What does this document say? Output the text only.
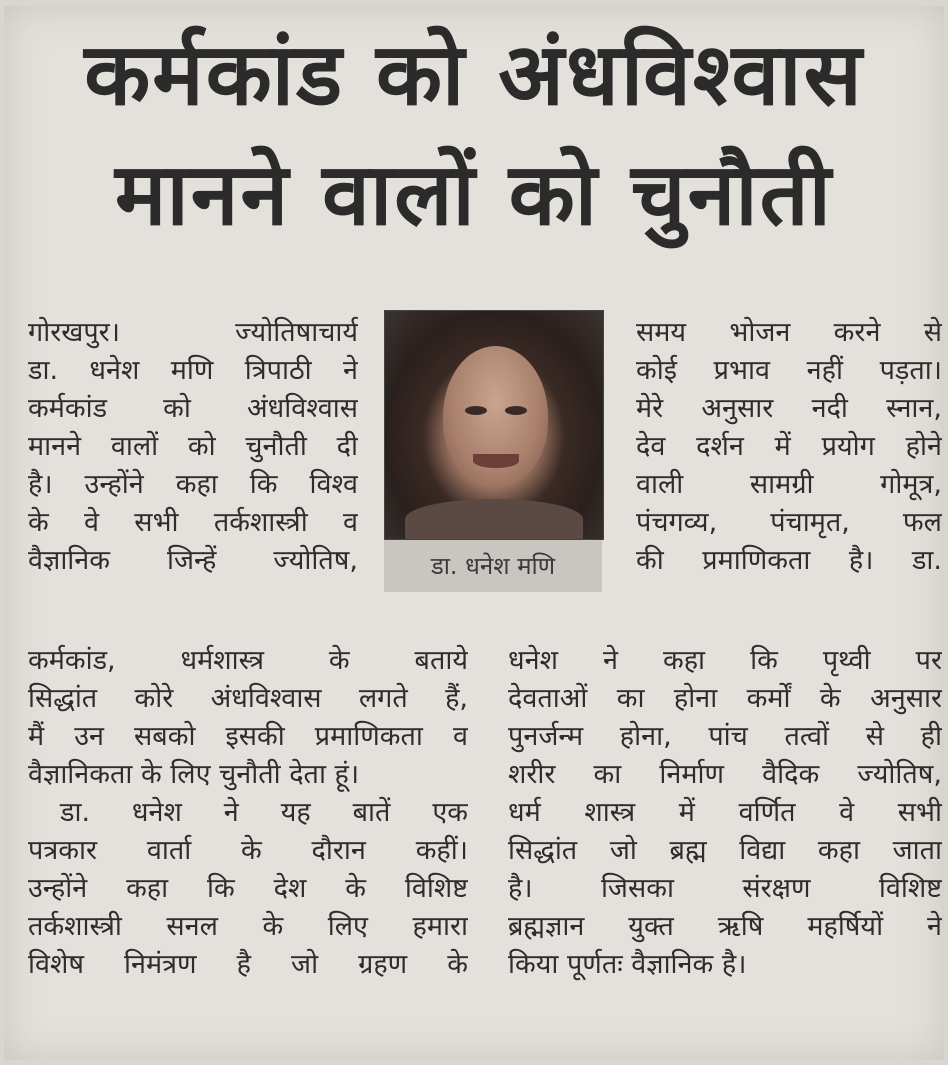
कर्मकांड को अंधविश्वास
मानने वालों को चुनौती
डा. धनेश मणि
गोरखपुर। ज्योतिषाचार्य
डा. धनेश मणि त्रिपाठी ने
कर्मकांड को अंधविश्वास
मानने वालों को चुनौती दी
है। उन्होंने कहा कि विश्व
के वे सभी तर्कशास्त्री व
वैज्ञानिक जिन्हें ज्योतिष,
कर्मकांड, धर्मशास्त्र के बताये
सिद्धांत कोरे अंधविश्वास लगते हैं,
मैं उन सबको इसकी प्रमाणिकता व
वैज्ञानिकता के लिए चुनौती देता हूं।
डा. धनेश ने यह बातें एक
पत्रकार वार्ता के दौरान कहीं।
उन्होंने कहा कि देश के विशिष्ट
तर्कशास्त्री सनल के लिए हमारा
विशेष निमंत्रण है जो ग्रहण के
समय भोजन करने से
कोई प्रभाव नहीं पड़ता।
मेरे अनुसार नदी स्नान,
देव दर्शन में प्रयोग होने
वाली सामग्री गोमूत्र,
पंचगव्य, पंचामृत, फल
की प्रमाणिकता है। डा.
धनेश ने कहा कि पृथ्वी पर
देवताओं का होना कर्मों के अनुसार
पुनर्जन्म होना, पांच तत्वों से ही
शरीर का निर्माण वैदिक ज्योतिष,
धर्म शास्त्र में वर्णित वे सभी
सिद्धांत जो ब्रह्म विद्या कहा जाता
है। जिसका संरक्षण विशिष्ट
ब्रह्मज्ञान युक्त ऋषि महर्षियों ने
किया पूर्णतः वैज्ञानिक है।
